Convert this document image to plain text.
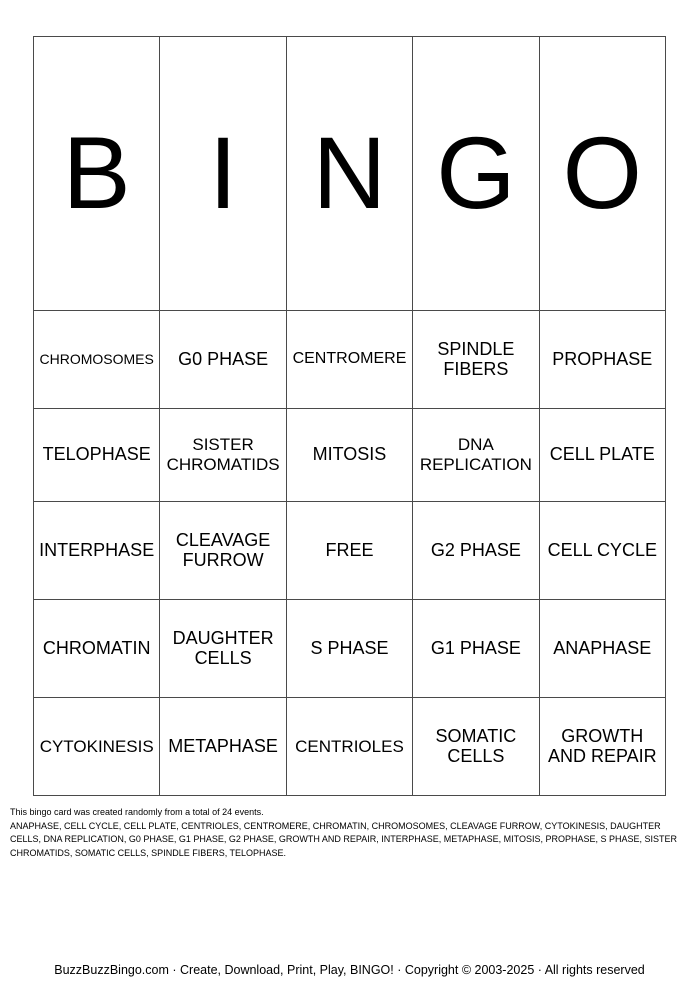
B	I	N	G	O
CHROMOSOMES	G0 PHASE	CENTROMERE	SPINDLE FIBERS	PROPHASE
TELOPHASE	SISTER CHROMATIDS	MITOSIS	DNA REPLICATION	CELL PLATE
INTERPHASE	CLEAVAGE FURROW	FREE	G2 PHASE	CELL CYCLE
CHROMATIN	DAUGHTER CELLS	S PHASE	G1 PHASE	ANAPHASE
CYTOKINESIS	METAPHASE	CENTRIOLES	SOMATIC CELLS	GROWTH AND REPAIR

This bingo card was created randomly from a total of 24 events.

ANAPHASE, CELL CYCLE, CELL PLATE, CENTRIOLES, CENTROMERE, CHROMATIN, CHROMOSOMES, CLEAVAGE FURROW, CYTOKINESIS, DAUGHTER CELLS, DNA REPLICATION, G0 PHASE, G1 PHASE, G2 PHASE, GROWTH AND REPAIR, INTERPHASE, METAPHASE, MITOSIS, PROPHASE, S PHASE, SISTER CHROMATIDS, SOMATIC CELLS, SPINDLE FIBERS, TELOPHASE.

BuzzBuzzBingo.com · Create, Download, Print, Play, BINGO! · Copyright © 2003-2025 · All rights reserved
